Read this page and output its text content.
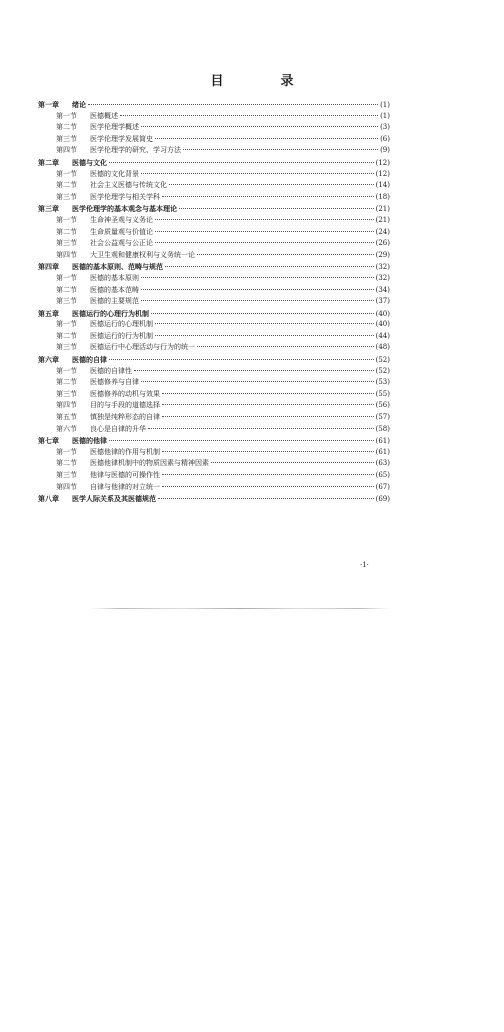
目　录
第一章	绪论	(1)
第一节	医德概述	(1)
第二节	医学伦理学概述	(3)
第三节	医学伦理学发展简史	(6)
第四节	医学伦理学的研究、学习方法	(9)
第二章	医德与文化	(12)
第一节	医德的文化背景	(12)
第二节	社会主义医德与传统文化	(14)
第三节	医学伦理学与相关学科	(18)
第三章	医学伦理学的基本观念与基本理论	(21)
第一节	生命神圣观与义务论	(21)
第二节	生命质量观与价值论	(24)
第三节	社会公益观与公正论	(26)
第四节	大卫生观和健康权利与义务统一论	(29)
第四章	医德的基本原则、范畴与规范	(32)
第一节	医德的基本原则	(32)
第二节	医德的基本范畴	(34)
第三节	医德的主要规范	(37)
第五章	医德运行的心理行为机制	(40)
第一节	医德运行的心理机制	(40)
第二节	医德运行的行为机制	(44)
第三节	医德运行中心理活动与行为的统一	(48)
第六章	医德的自律	(52)
第一节	医德的自律性	(52)
第二节	医德修养与自律	(53)
第三节	医德修养的动机与效果	(55)
第四节	目的与手段的道德选择	(56)
第五节	慎独是纯粹形态的自律	(57)
第六节	良心是自律的升华	(58)
第七章	医德的他律	(61)
第一节	医德他律的作用与机制	(61)
第二节	医德他律机制中的物质因素与精神因素	(63)
第三节	他律与医德的可操作性	(65)
第四节	自律与他律的对立统一	(67)
第八章	医学人际关系及其医德规范	(69)
·1·
